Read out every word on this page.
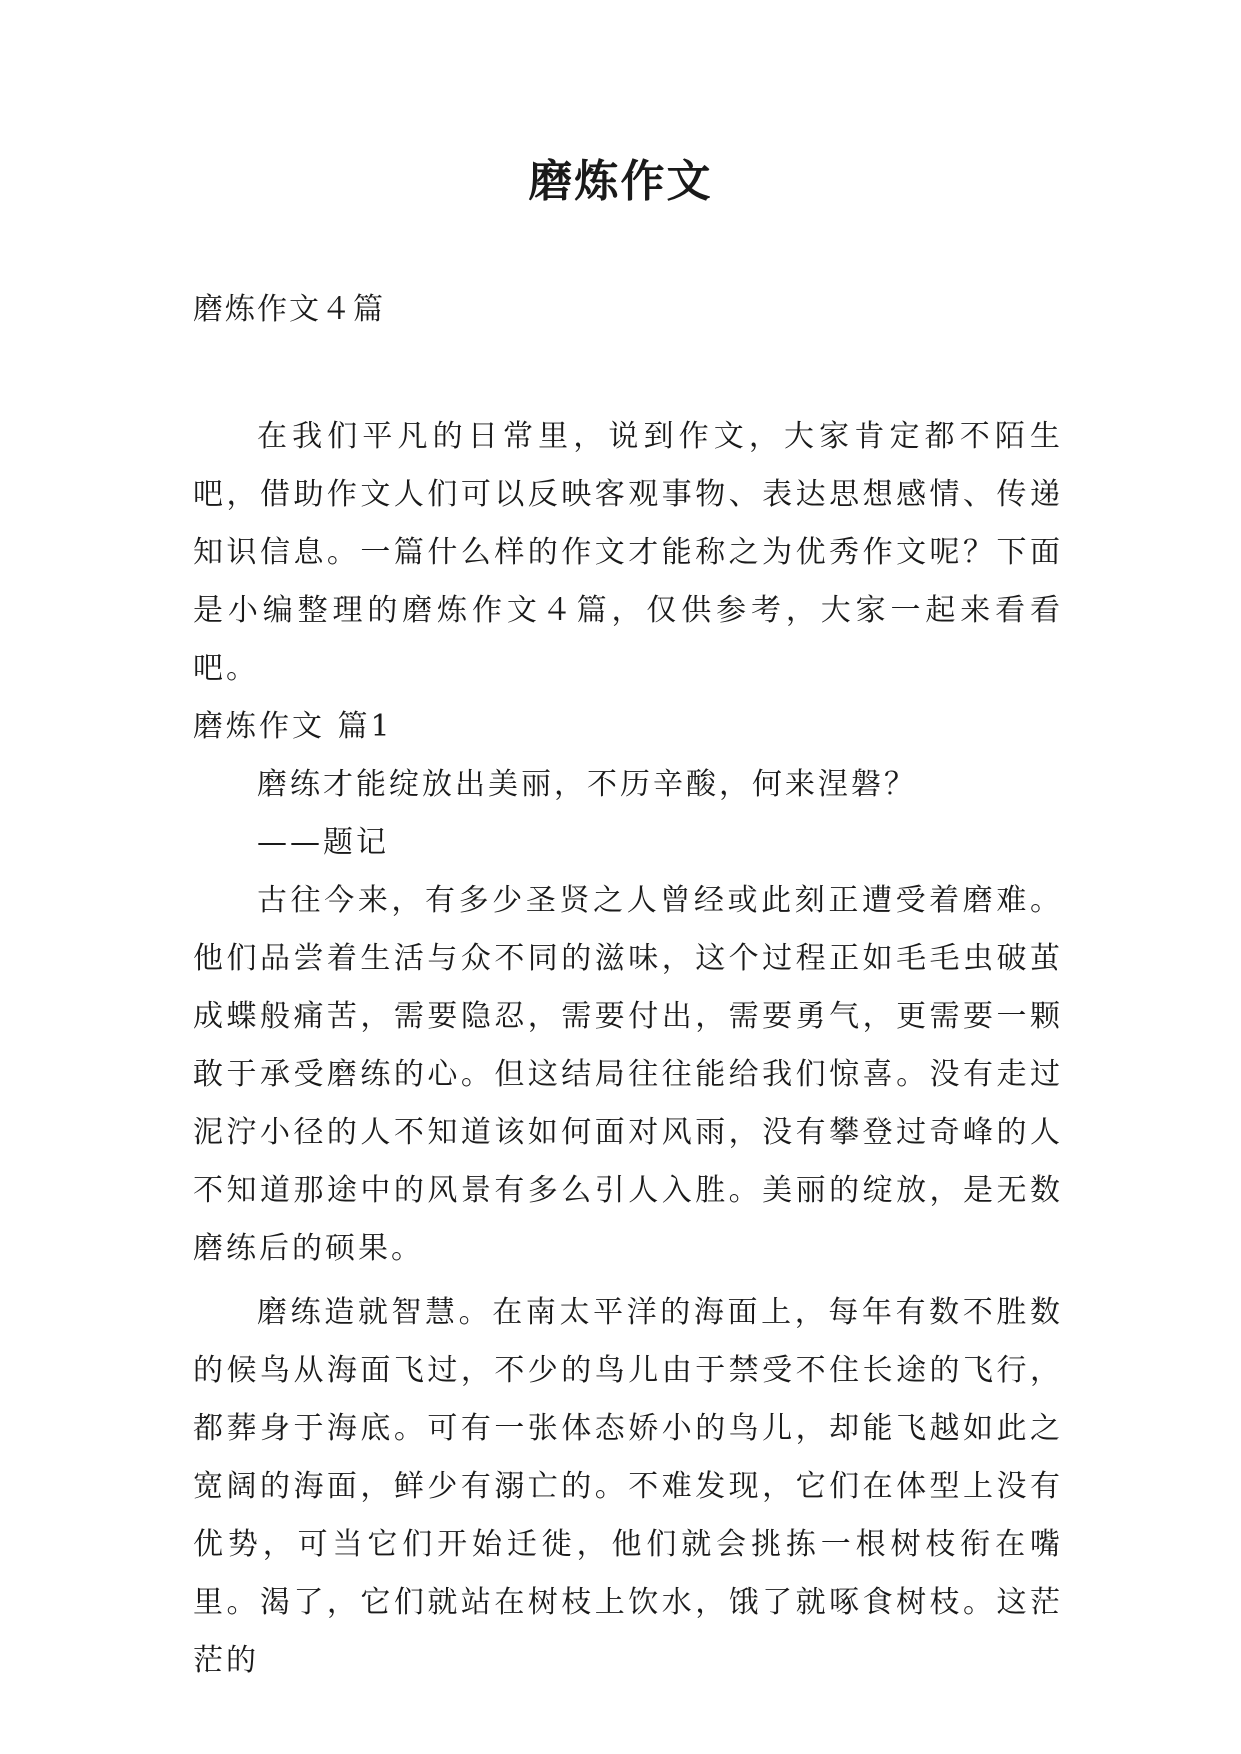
磨炼作文
磨炼作文４篇

在我们平凡的日常里，说到作文，大家肯定都不陌生吧，借助作文人们可以反映客观事物、表达思想感情、传递知识信息。一篇什么样的作文才能称之为优秀作文呢？下面是小编整理的磨炼作文４篇，仅供参考，大家一起来看看吧。

磨炼作文 篇1

磨练才能绽放出美丽，不历辛酸，何来涅磐？

——题记

古往今来，有多少圣贤之人曾经或此刻正遭受着磨难。他们品尝着生活与众不同的滋味，这个过程正如毛毛虫破茧成蝶般痛苦，需要隐忍，需要付出，需要勇气，更需要一颗敢于承受磨练的心。但这结局往往能给我们惊喜。没有走过泥泞小径的人不知道该如何面对风雨，没有攀登过奇峰的人不知道那途中的风景有多么引人入胜。美丽的绽放，是无数磨练后的硕果。

磨练造就智慧。在南太平洋的海面上，每年有数不胜数的候鸟从海面飞过，不少的鸟儿由于禁受不住长途的飞行，都葬身于海底。可有一张体态娇小的鸟儿，却能飞越如此之宽阔的海面，鲜少有溺亡的。不难发现，它们在体型上没有优势，可当它们开始迁徙，他们就会挑拣一根树枝衔在嘴里。渴了，它们就站在树枝上饮水，饿了就啄食树枝。这茫茫的
